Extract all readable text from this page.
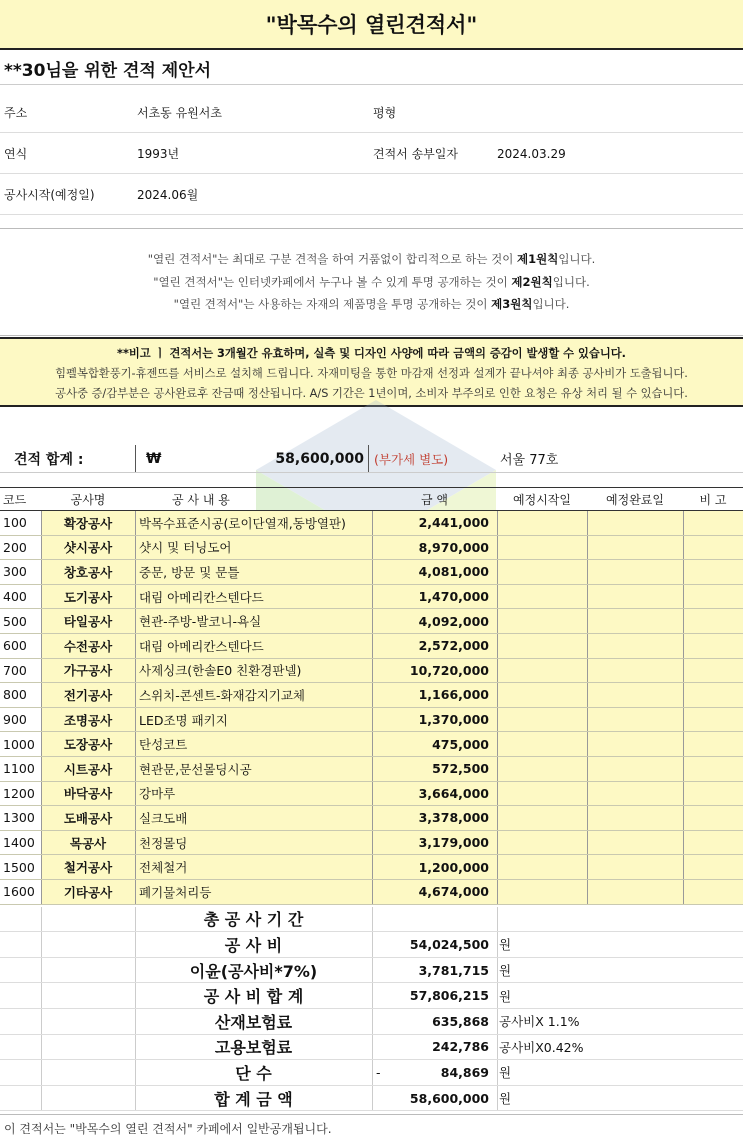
"박목수의 열린견적서"
**30님을 위한 견적 제안서
주소	서초동 유원서초	평형
연식	1993년	견적서 송부일자	2024.03.29
공사시작(예정일)	2024.06월
"열린 견적서"는 최대로 구분 견적을 하여 거품없이 합리적으로 하는 것이 제1원칙입니다.
"열린 견적서"는 인터넷카페에서 누구나 볼 수 있게 투명 공개하는 것이 제2원칙입니다.
"열린 견적서"는 사용하는 자재의 제품명을 투명 공개하는 것이 제3원칙입니다.
**비고 ㅣ 견적서는 3개월간 유효하며, 실측 및 디자인 사양에 따라 금액의 증감이 발생할 수 있습니다.
힘펠복합환풍기-휴젠뜨를 서비스로 설치해 드립니다. 자재미팅을 통한 마감재 선정과 설계가 끝나셔야 최종 공사비가 도출됩니다.
공사중 증/감부분은 공사완료후 잔금때 정산됩니다. A/S 기간은 1년이며, 소비자 부주의로 인한 요청은 유상 처리 될 수 있습니다.
견적 합계 :	₩	58,600,000 (부가세 별도)	서울 77호
코드	공사명	공 사 내 용	금 액	예정시작일	예정완료일	비 고
100	확장공사	박목수표준시공(로이단열재,동방열판)	2,441,000
200	샷시공사	샷시 및 터닝도어	8,970,000
300	창호공사	중문, 방문 및 문틀	4,081,000
400	도기공사	대림 아메리칸스텐다드	1,470,000
500	타일공사	현관-주방-발코니-욕실	4,092,000
600	수전공사	대림 아메리칸스텐다드	2,572,000
700	가구공사	사제싱크(한솔E0 친환경판넬)	10,720,000
800	전기공사	스위치-콘센트-화재감지기교체	1,166,000
900	조명공사	LED조명 패키지	1,370,000
1000	도장공사	탄성코트	475,000
1100	시트공사	현관문,문선몰딩시공	572,500
1200	바닥공사	강마루	3,664,000
1300	도배공사	실크도배	3,378,000
1400	목공사	천정몰딩	3,179,000
1500	철거공사	전체철거	1,200,000
1600	기타공사	폐기물처리등	4,674,000
총 공 사 기 간
공 사 비	54,024,500 원
이윤(공사비*7%)	3,781,715 원
공 사 비 합 계	57,806,215 원
산재보험료	635,868 공사비X 1.1%
고용보험료	242,786 공사비X0.42%
단 수	-	84,869 원
합 계 금 액	58,600,000 원
이 견적서는 "박목수의 열린 견적서" 카페에서 일반공개됩니다.
